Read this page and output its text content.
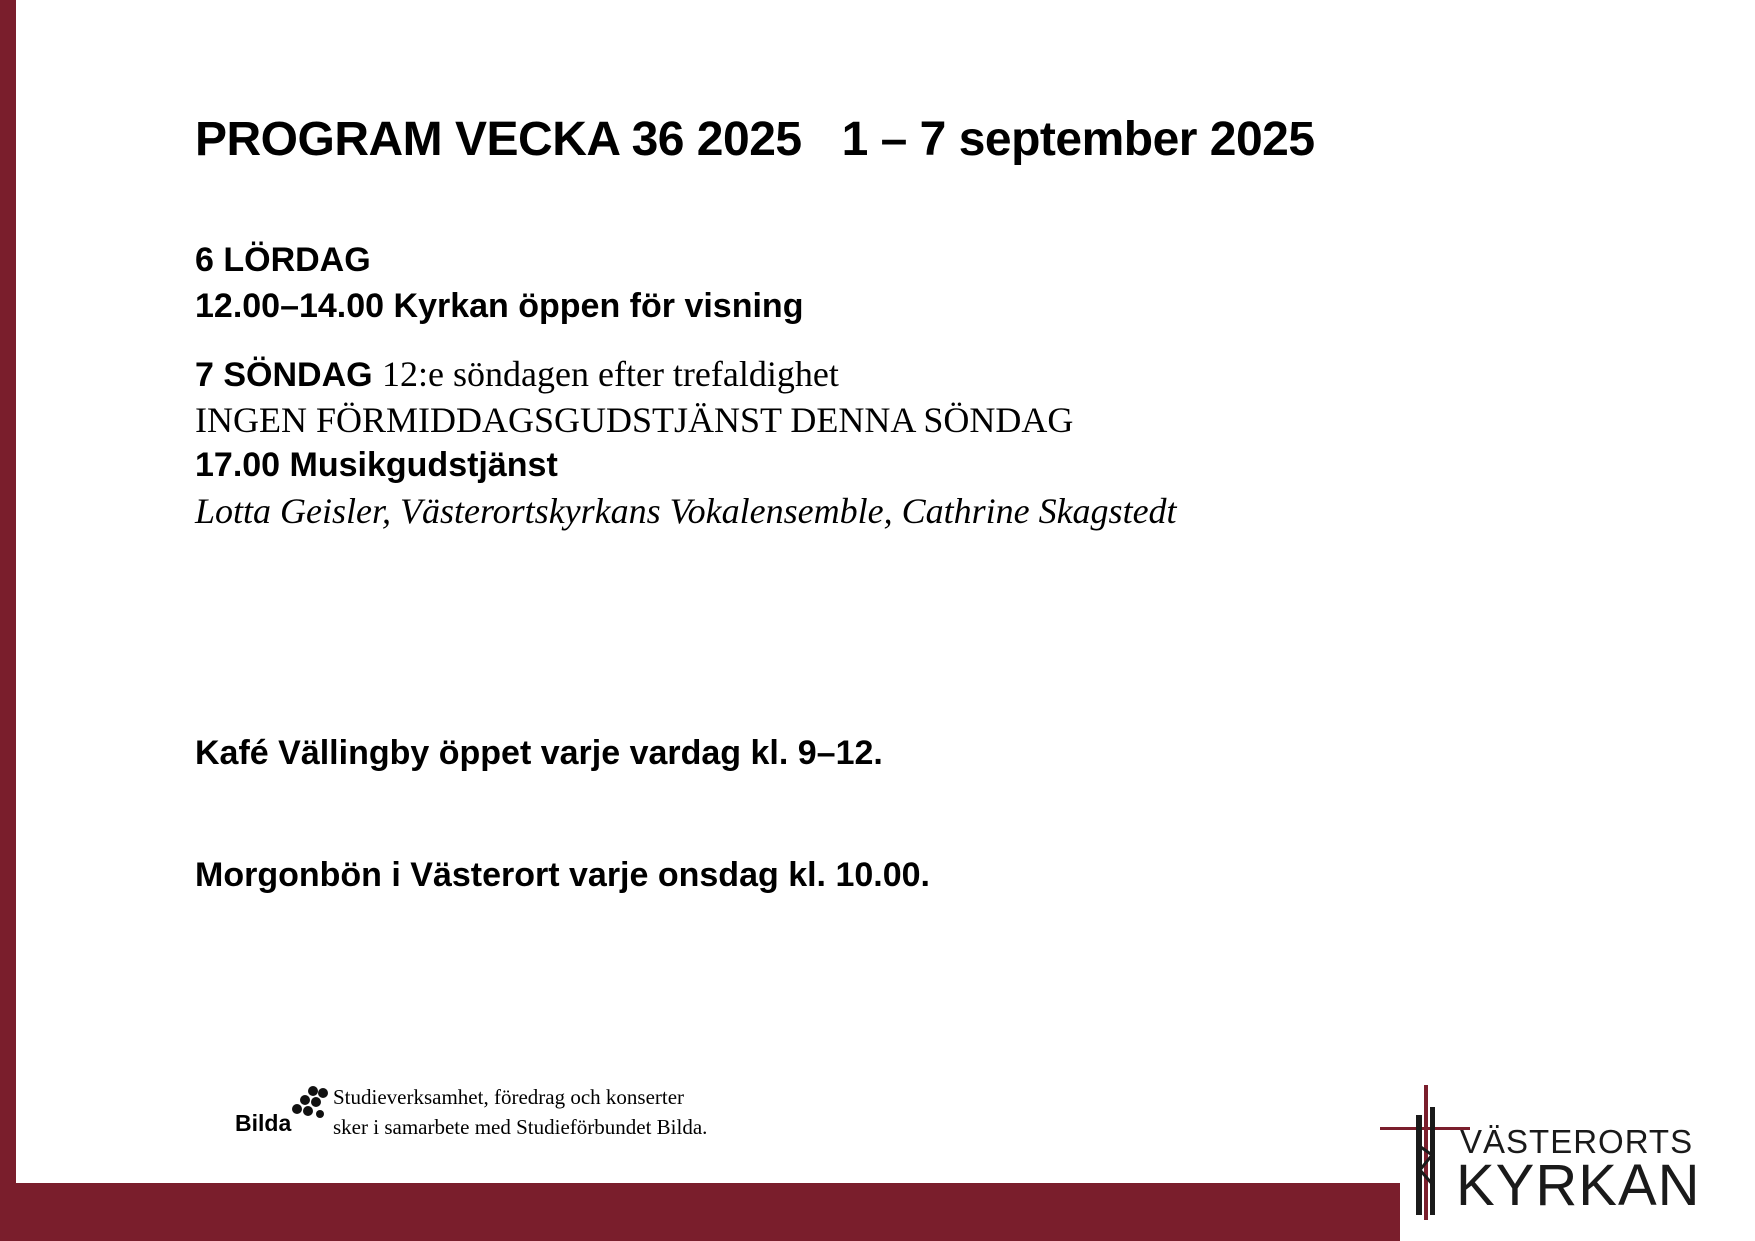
PROGRAM VECKA 36 2025 1 – 7 september 2025
6 LÖRDAG
12.00–14.00 Kyrkan öppen för visning
7 SÖNDAG 12:e söndagen efter trefaldighet
INGEN FÖRMIDDAGSGUDSTJÄNST DENNA SÖNDAG
17.00 Musikgudstjänst
Lotta Geisler, Västerortskyrkans Vokalensemble, Cathrine Skagstedt
Kafé Vällingby öppet varje vardag kl. 9–12.
Morgonbön i Västerort varje onsdag kl. 10.00.
Bilda
Studieverksamhet, föredrag och konserter
sker i samarbete med Studieförbundet Bilda.	VÄSTERORTS
KYRKAN
